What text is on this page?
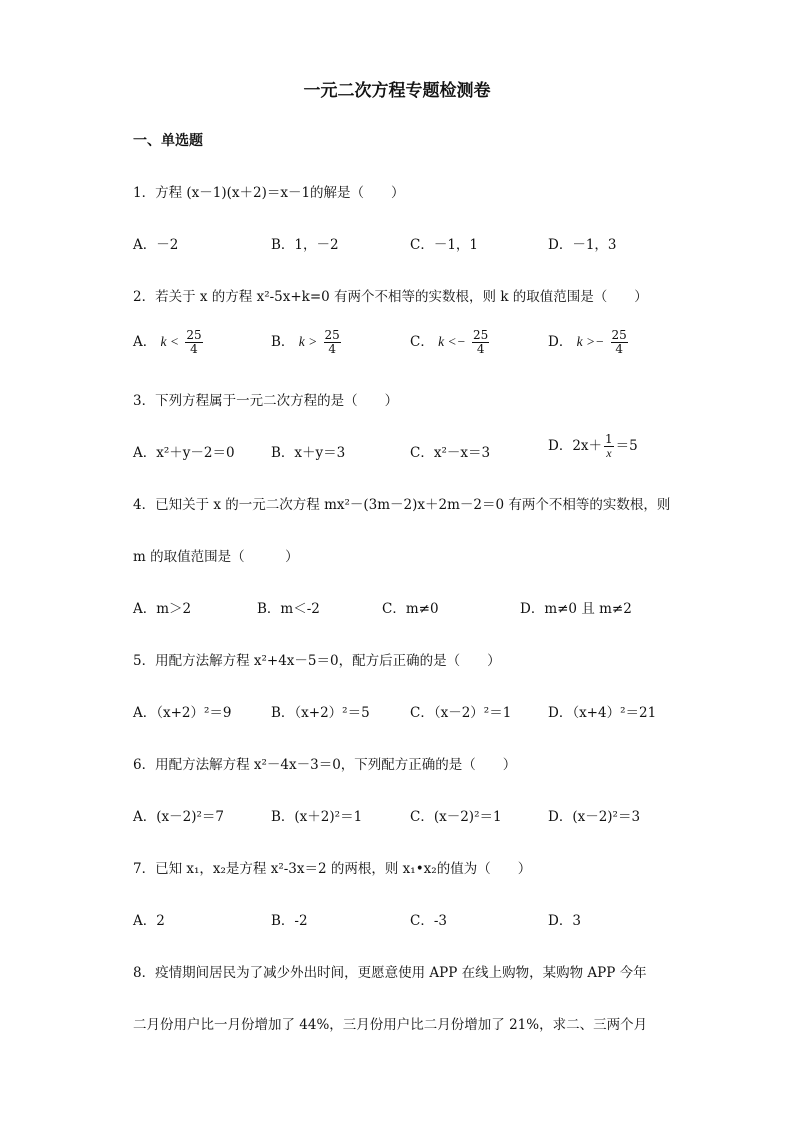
一元二次方程专题检测卷
一、单选题
1．方程 (x－1)(x＋2)＝x－1的解是（　　）
A．－2	B．1，－2	C．－1，1	D．－1，3
2．若关于 x 的方程 x²-5x+k=0 有两个不相等的实数根，则 k 的取值范围是（　　）
A． $k < \frac{25}{4}$	B． $k > \frac{25}{4}$	C． $k <- \frac{25}{4}$	D． $k >- \frac{25}{4}$
3．下列方程属于一元二次方程的是（　　）
A．x²＋y－2＝0	B．x＋y＝3	C．x²－x＝3	D．$2x+ \frac{1}{x} =5$
4．已知关于 x 的一元二次方程 mx²－(3m－2)x＋2m－2＝0 有两个不相等的实数根，则
m 的取值范围是（　　　）
A．m＞2	B．m＜-2	C．m≠0	D．m≠0 且 m≠2
5．用配方法解方程 x²+4x－5＝0，配方后正确的是（　　）
A．（x+2）²＝9	B．（x+2）²＝5	C．（x－2）²＝1	D．（x+4）²＝21
6．用配方法解方程 x²－4x－3＝0，下列配方正确的是（　　）
A．(x－2)²＝7	B．(x＋2)²＝1	C．(x－2)²＝1	D．(x－2)²＝3
7．已知 x₁，x₂是方程 x²-3x＝2 的两根，则 x₁•x₂的值为（　　）
A．2	B．-2	C．-3	D．3
8．疫情期间居民为了减少外出时间，更愿意使用 APP 在线上购物，某购物 APP 今年
二月份用户比一月份增加了 44%，三月份用户比二月份增加了 21%，求二、三两个月
